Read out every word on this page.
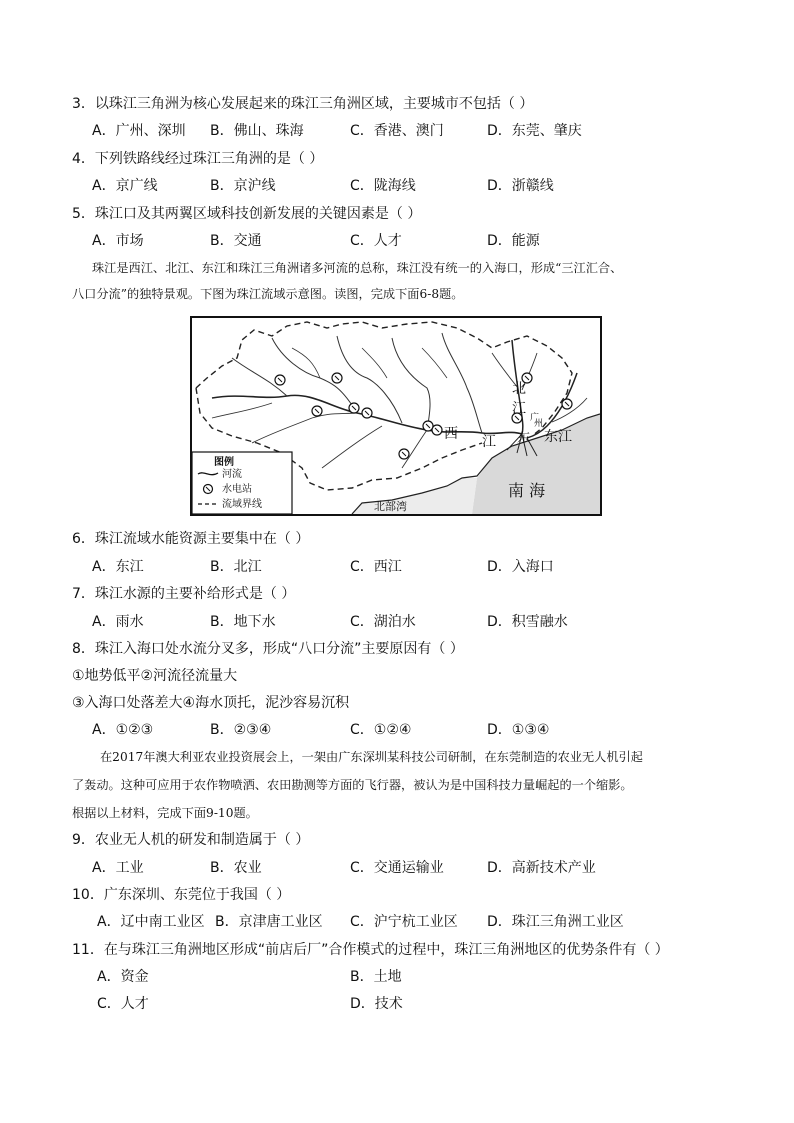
3．以珠江三角洲为核心发展起来的珠江三角洲区域，主要城市不包括（ ）
A．广州、深圳 B．佛山、珠海	C．香港、澳门	D．东莞、肇庆
4．下列铁路线经过珠江三角洲的是（ ）
A．京广线	B．京沪线	C．陇海线	D．浙赣线
5．珠江口及其两翼区域科技创新发展的关键因素是（ ）
A．市场	B．交通	C．人才	D．能源
珠江是西江、北江、东江和珠江三角洲诸多河流的总称，珠江没有统一的入海口，形成“三江汇合、
八口分流”的独特景观。下图为珠江流域示意图。读图，完成下面6-8题。
西 江
北
江
东江
东
州
广
南 海
北部湾
图例
河流
水电站
流域界线
6．珠江流域水能资源主要集中在（ ）
A．东江	B．北江	C．西江	D．入海口
7．珠江水源的主要补给形式是（ ）
A．雨水	B．地下水	C．湖泊水	D．积雪融水
8．珠江入海口处水流分叉多，形成“八口分流”主要原因有（ ）
①地势低平②河流径流量大
③入海口处落差大④海水顶托，泥沙容易沉积
A．①②③	B．②③④	C．①②④	D．①③④
在2017年澳大利亚农业投资展会上，一架由广东深圳某科技公司研制，在东莞制造的农业无人机引起
了轰动。这种可应用于农作物喷洒、农田勘测等方面的飞行器，被认为是中国科技力量崛起的一个缩影。
根据以上材料，完成下面9-10题。
9．农业无人机的研发和制造属于（ ）
A．工业	B．农业	C．交通运输业	D．高新技术产业
10．广东深圳、东莞位于我国（ ）
A．辽中南工业区 B．京津唐工业区 C．沪宁杭工业区 D．珠江三角洲工业区
11．在与珠江三角洲地区形成“前店后厂”合作模式的过程中，珠江三角洲地区的优势条件有（ ）
A．资金	B．土地
C．人才	D．技术
